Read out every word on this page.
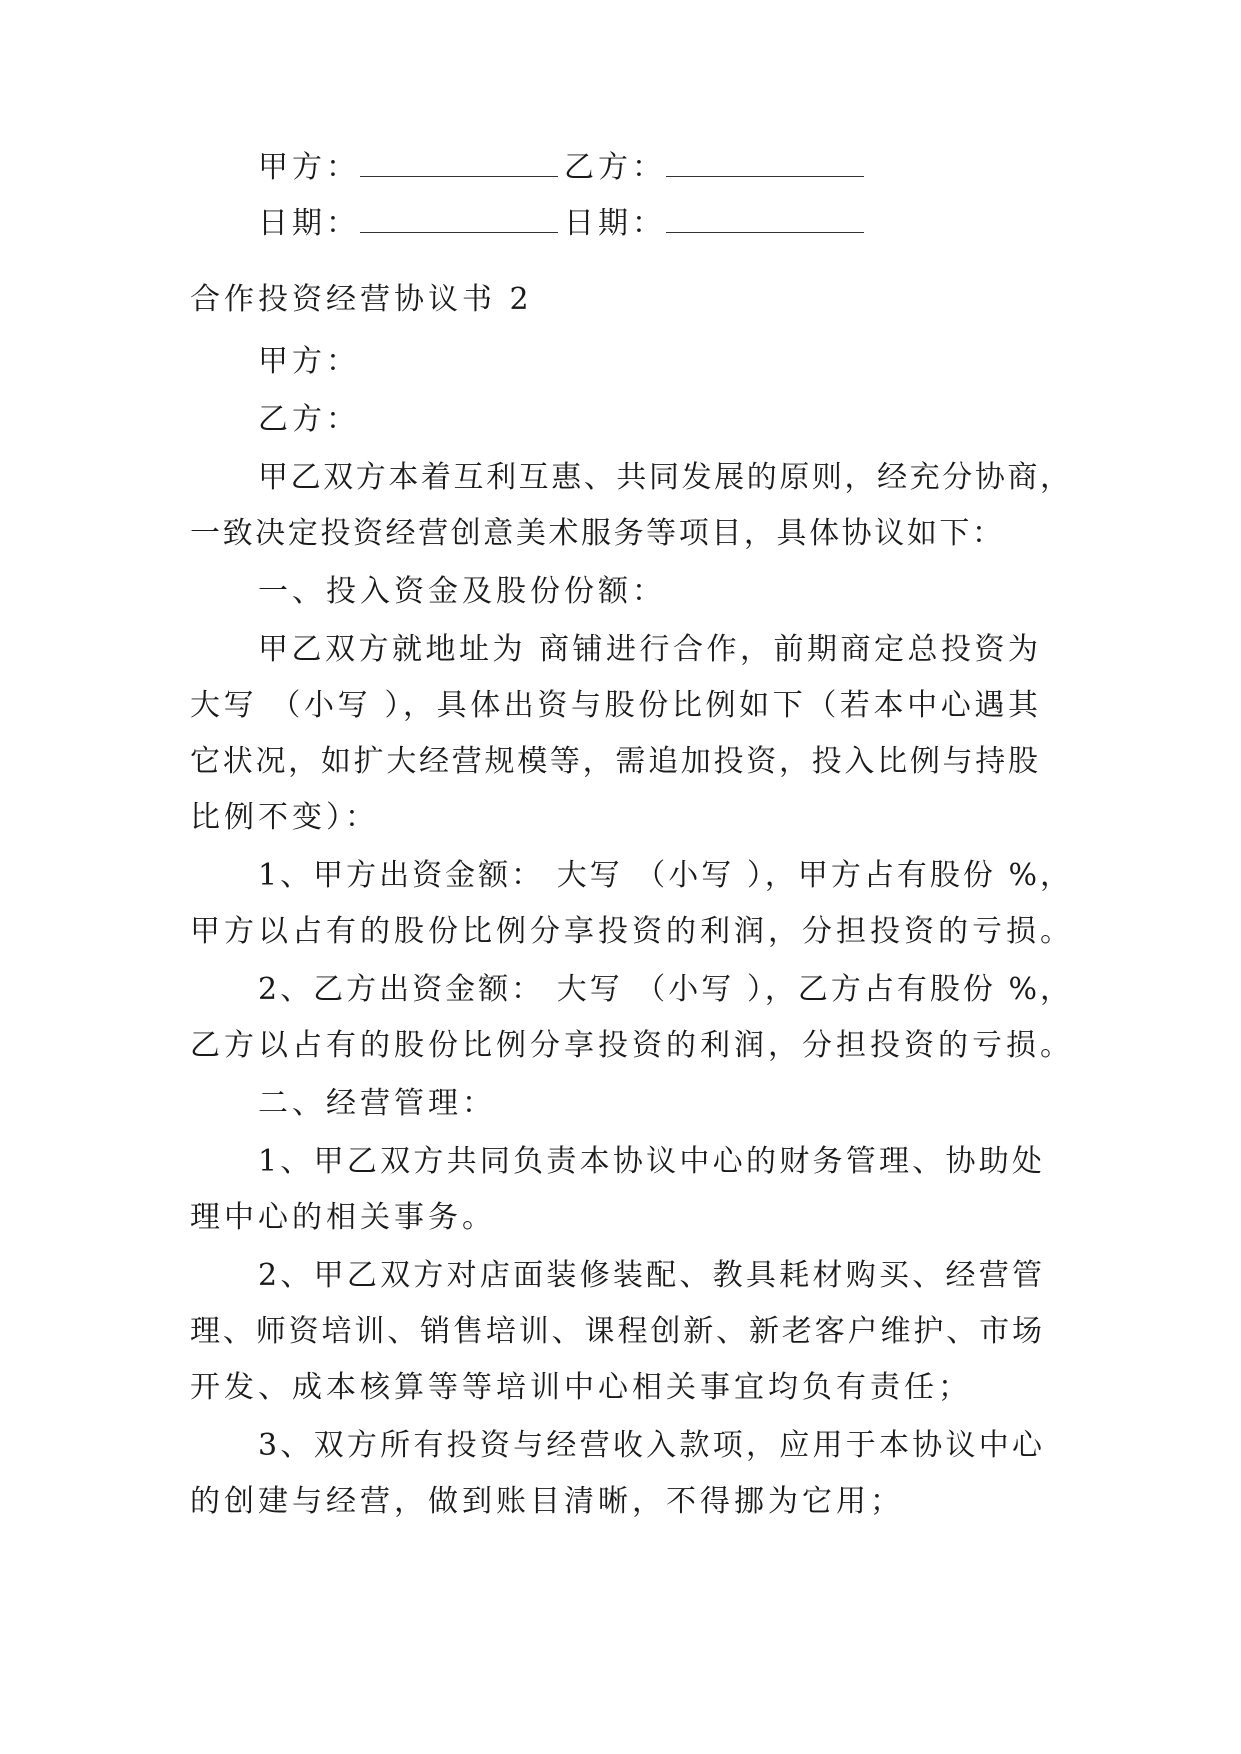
甲方：	乙方：
日期：	日期：
合作投资经营协议书 2
甲方：
乙方：
甲乙双方本着互利互惠、共同发展的原则，经充分协商，
一致决定投资经营创意美术服务等项目，具体协议如下：
一、投入资金及股份份额：
甲乙双方就地址为 商铺进行合作，前期商定总投资为
大写 （小写 ），具体出资与股份比例如下（若本中心遇其
它状况，如扩大经营规模等，需追加投资，投入比例与持股
比例不变）：
1、甲方出资金额： 大写 （小写 ），甲方占有股份 %，
甲方以占有的股份比例分享投资的利润，分担投资的亏损。
2、乙方出资金额： 大写 （小写 ），乙方占有股份 %，
乙方以占有的股份比例分享投资的利润，分担投资的亏损。
二、经营管理：
1、甲乙双方共同负责本协议中心的财务管理、协助处
理中心的相关事务。
2、甲乙双方对店面装修装配、教具耗材购买、经营管
理、师资培训、销售培训、课程创新、新老客户维护、市场
开发、成本核算等等培训中心相关事宜均负有责任；
3、双方所有投资与经营收入款项，应用于本协议中心
的创建与经营，做到账目清晰，不得挪为它用；
